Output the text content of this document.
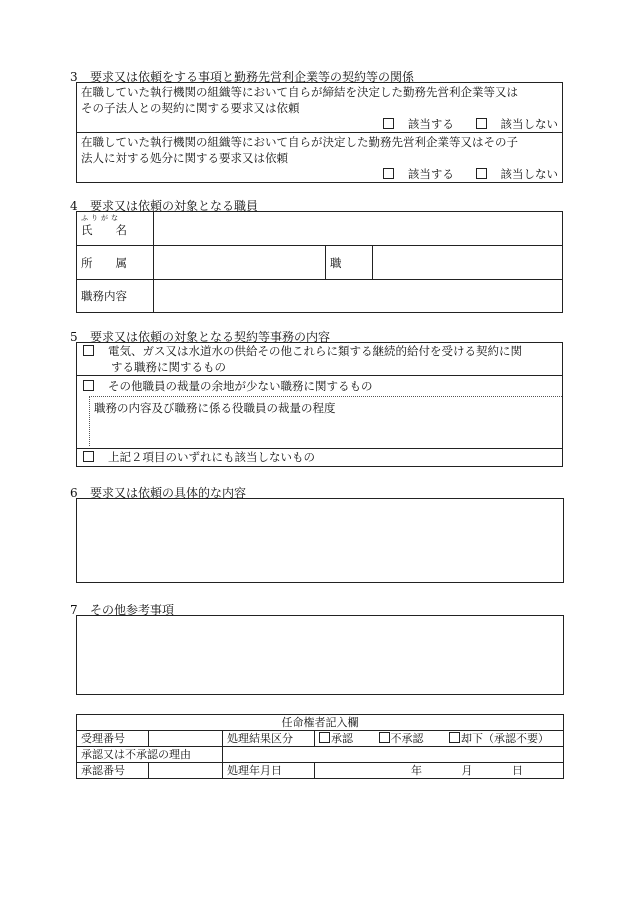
3 要求又は依頼をする事項と勤務先営利企業等の契約等の関係
在職していた執行機関の組織等において自らが締結を決定した勤務先営利企業等又は
その子法人との契約に関する要求又は依頼
該当する	該当しない

在職していた執行機関の組織等において自らが決定した勤務先営利企業等又はその子
法人に対する処分に関する要求又は依頼
該当する	該当しない
4 要求又は依頼の対象となる職員
ふりがな
氏　　名			

所　　属		職	
職務内容			
5 要求又は依頼の対象となる契約等事務の内容
電気、ガス又は水道水の供給その他これらに類する継続的給付を受ける契約に関
する職務に関するもの

その他職員の裁量の余地が少ない職務に関するもの

職務の内容及び職務に係る役職員の裁量の程度

上記２項目のいずれにも該当しないもの
6 要求又は依頼の具体的な内容
7 その他参考事項
任命権者記入欄			
受理番号		処理結果区分	承認 不承認 却下（承認不要）
承認又は不承認の理由			
承認番号		処理年月日	年 月 日
